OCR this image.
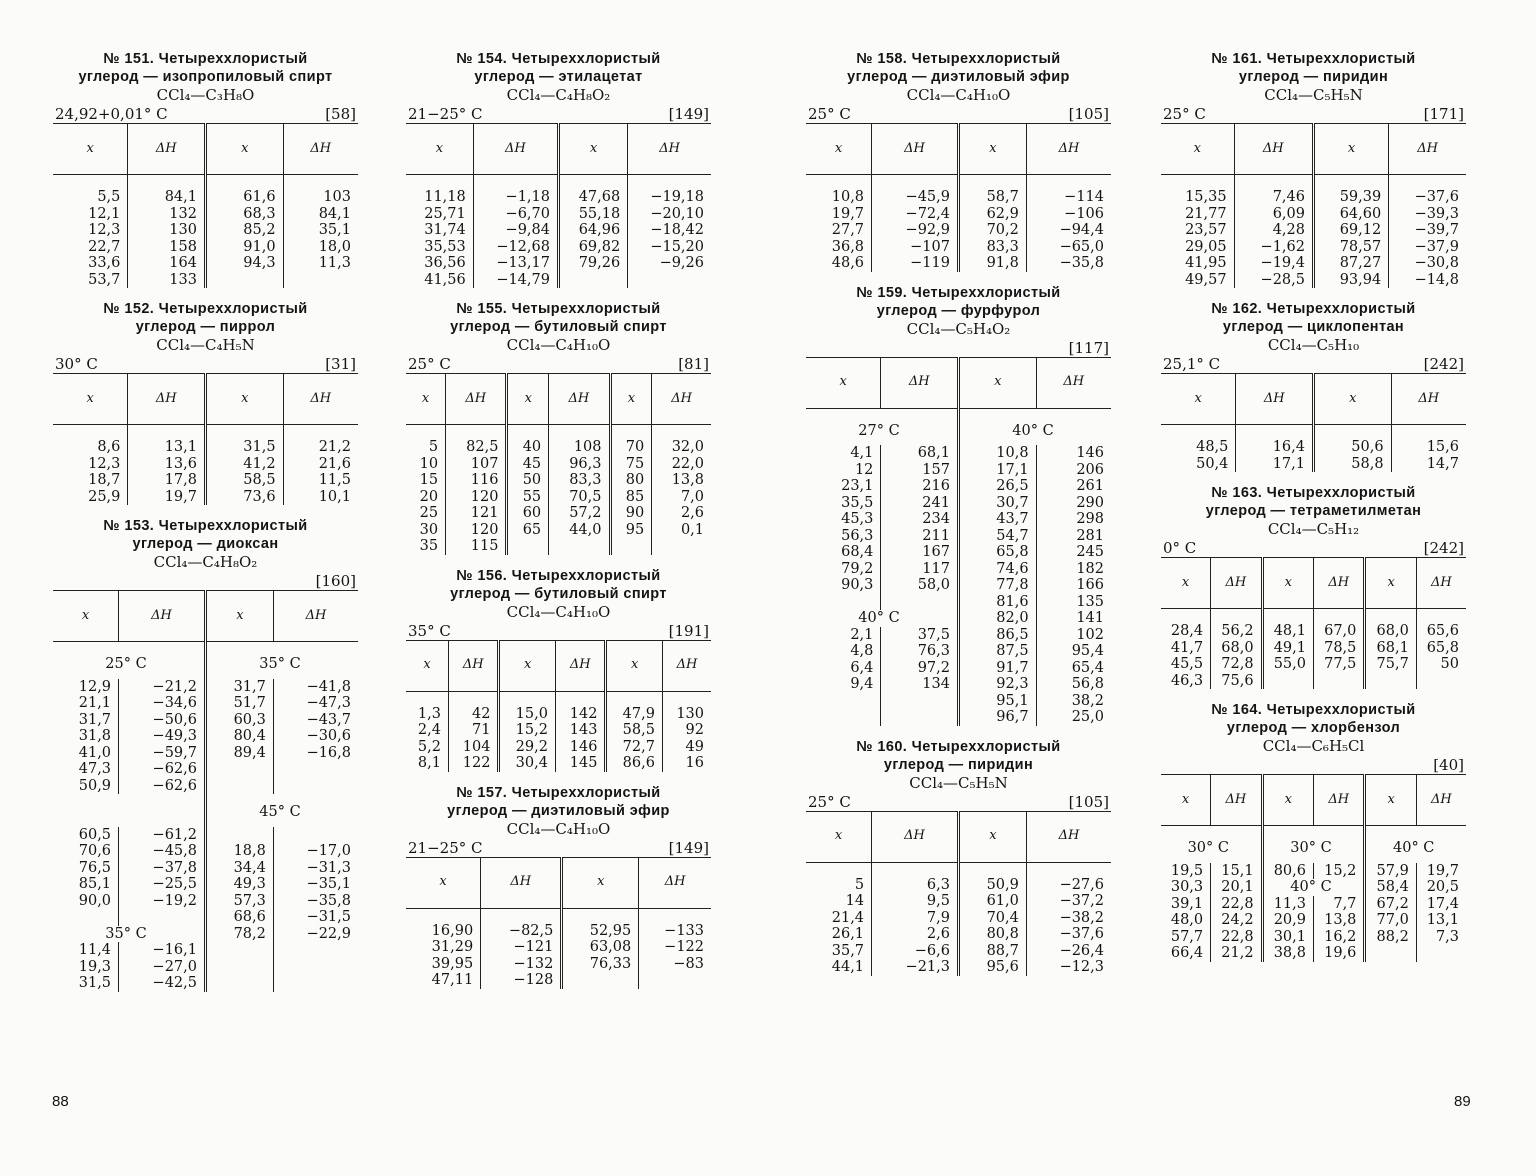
№ 151. Четыреххлористый
углерод — изопропиловый спирт
CCl₄—C₃H₈O
24,92+0,01° C	[58]
x	ΔH	x	ΔH
5,5	84,1	61,6	103
12,1	132	68,3	84,1
12,3	130	85,2	35,1
22,7	158	91,0	18,0
33,6	164	94,3	11,3
53,7	133		
№ 152. Четыреххлористый
углерод — пиррол
CCl₄—C₄H₅N
30° C	[31]
x	ΔH	x	ΔH
8,6	13,1	31,5	21,2
12,3	13,6	41,2	21,6
18,7	17,8	58,5	11,5
25,9	19,7	73,6	10,1
№ 153. Четыреххлористый
углерод — диоксан
CCl₄—C₄H₈O₂
[160]
x	ΔH	x	ΔH
25° C		35° C	
12,9	−21,2	31,7	−41,8
21,1	−34,6	51,7	−47,3
31,7	−50,6	60,3	−43,7
31,8	−49,3	80,4	−30,6
41,0	−59,7	89,4	−16,8
47,3	−62,6		
50,9	−62,6		
		45° C	
60,5	−61,2		
70,6	−45,8	18,8	−17,0
76,5	−37,8	34,4	−31,3
85,1	−25,5	49,3	−35,1
90,0	−19,2	57,3	−35,8
		68,6	−31,5
35° C		78,2	−22,9
11,4	−16,1		
19,3	−27,0		
31,5	−42,5		
№ 154. Четыреххлористый
углерод — этилацетат
CCl₄—C₄H₈O₂
21−25° C	[149]
x	ΔH	x	ΔH
11,18	−1,18	47,68	−19,18
25,71	−6,70	55,18	−20,10
31,74	−9,84	64,96	−18,42
35,53	−12,68	69,82	−15,20
36,56	−13,17	79,26	−9,26
41,56	−14,79		
№ 155. Четыреххлористый
углерод — бутиловый спирт
CCl₄—C₄H₁₀O
25° C	[81]
x	ΔH	x	ΔH	x	ΔH
5	82,5	40	108	70	32,0
10	107	45	96,3	75	22,0
15	116	50	83,3	80	13,8
20	120	55	70,5	85	7,0
25	121	60	57,2	90	2,6
30	120	65	44,0	95	0,1
35	115				
№ 156. Четыреххлористый
углерод — бутиловый спирт
CCl₄—C₄H₁₀O
35° C	[191]
x	ΔH	x	ΔH	x	ΔH
1,3	42	15,0	142	47,9	130
2,4	71	15,2	143	58,5	92
5,2	104	29,2	146	72,7	49
8,1	122	30,4	145	86,6	16
№ 157. Четыреххлористый
углерод — диэтиловый эфир
CCl₄—C₄H₁₀O
21−25° C	[149]
x	ΔH	x	ΔH
16,90	−82,5	52,95	−133
31,29	−121	63,08	−122
39,95	−132	76,33	−83
47,11	−128		
№ 158. Четыреххлористый
углерод — диэтиловый эфир
CCl₄—C₄H₁₀O
25° C	[105]
x	ΔH	x	ΔH
10,8	−45,9	58,7	−114
19,7	−72,4	62,9	−106
27,7	−92,9	70,2	−94,4
36,8	−107	83,3	−65,0
48,6	−119	91,8	−35,8
№ 159. Четыреххлористый
углерод — фурфурол
CCl₄—C₅H₄O₂
[117]
x	ΔH	x	ΔH
27° C		40° C	
4,1	68,1	10,8	146
12	157	17,1	206
23,1	216	26,5	261
35,5	241	30,7	290
45,3	234	43,7	298
56,3	211	54,7	281
68,4	167	65,8	245
79,2	117	74,6	182
90,3	58,0	77,8	166
		81,6	135
40° C		82,0	141
2,1	37,5	86,5	102
4,8	76,3	87,5	95,4
6,4	97,2	91,7	65,4
9,4	134	92,3	56,8
		95,1	38,2
		96,7	25,0
№ 160. Четыреххлористый
углерод — пиридин
CCl₄—C₅H₅N
25° C	[105]
x	ΔH	x	ΔH
5	6,3	50,9	−27,6
14	9,5	61,0	−37,2
21,4	7,9	70,4	−38,2
26,1	2,6	80,8	−37,6
35,7	−6,6	88,7	−26,4
44,1	−21,3	95,6	−12,3
№ 161. Четыреххлористый
углерод — пиридин
CCl₄—C₅H₅N
25° C	[171]
x	ΔH	x	ΔH
15,35	7,46	59,39	−37,6
21,77	6,09	64,60	−39,3
23,57	4,28	69,12	−39,7
29,05	−1,62	78,57	−37,9
41,95	−19,4	87,27	−30,8
49,57	−28,5	93,94	−14,8
№ 162. Четыреххлористый
углерод — циклопентан
CCl₄—C₅H₁₀
25,1° C	[242]
x	ΔH	x	ΔH
48,5	16,4	50,6	15,6
50,4	17,1	58,8	14,7
№ 163. Четыреххлористый
углерод — тетраметилметан
CCl₄—C₅H₁₂
0° C	[242]
x	ΔH	x	ΔH	x	ΔH
28,4	56,2	48,1	67,0	68,0	65,6
41,7	68,0	49,1	78,5	68,1	65,8
45,5	72,8	55,0	77,5	75,7	50
46,3	75,6				
№ 164. Четыреххлористый
углерод — хлорбензол
CCl₄—C₆H₅Cl
[40]
x	ΔH	x	ΔH	x	ΔH
30° C		30° C		40° C	
19,5	15,1	80,6	15,2	57,9	19,7
30,3	20,1	40° C		58,4	20,5
39,1	22,8	11,3	7,7	67,2	17,4
48,0	24,2	20,9	13,8	77,0	13,1
57,7	22,8	30,1	16,2	88,2	7,3
66,4	21,2	38,8	19,6		
88	89
